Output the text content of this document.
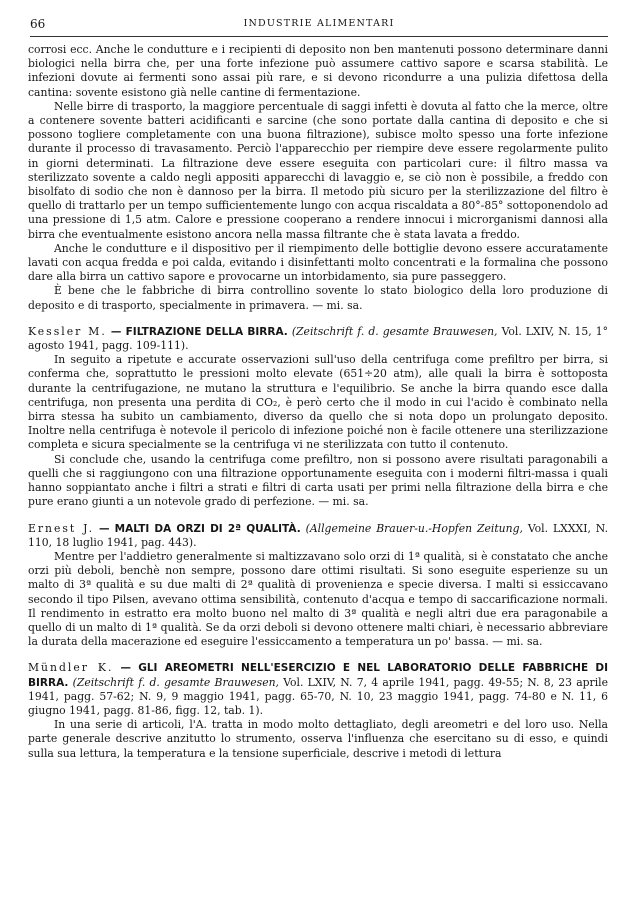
66	INDUSTRIE ALIMENTARI

corrosi ecc. Anche le condutture e i recipienti di deposito non ben mantenuti possono determinare danni biologici nella birra che, per una forte infezione può assumere cattivo sapore e scarsa stabilità. Le infezioni dovute ai fermenti sono assai più rare, e si devono ricondurre a una pulizia difettosa della cantina: sovente esistono già nelle cantine di fermentazione.

Nelle birre di trasporto, la maggiore percentuale di saggi infetti è dovuta al fatto che la merce, oltre a contenere sovente batteri acidificanti e sarcine (che sono portate dalla cantina di deposito e che si possono togliere completamente con una buona filtrazione), subisce molto spesso una forte infezione durante il processo di travasamento. Perciò l'apparecchio per riempire deve essere regolarmente pulito in giorni determinati. La filtrazione deve essere eseguita con particolari cure: il filtro massa va sterilizzato sovente a caldo negli appositi apparecchi di lavaggio e, se ciò non è possibile, a freddo con bisolfato di sodio che non è dannoso per la birra. Il metodo più sicuro per la sterilizzazione del filtro è quello di trattarlo per un tempo sufficientemente lungo con acqua riscaldata a 80°-85° sottoponendolo ad una pressione di 1,5 atm. Calore e pressione cooperano a rendere innocui i microrganismi dannosi alla birra che eventualmente esistono ancora nella massa filtrante che è stata lavata a freddo.

Anche le condutture e il dispositivo per il riempimento delle bottiglie devono essere accuratamente lavati con acqua fredda e poi calda, evitando i disinfettanti molto concentrati e la formalina che possono dare alla birra un cattivo sapore e provocarne un intorbidamento, sia pure passeggero.

È bene che le fabbriche di birra controllino sovente lo stato biologico della loro produzione di deposito e di trasporto, specialmente in primavera. — mi. sa.

Kessler M. — FILTRAZIONE DELLA BIRRA. (Zeitschrift f. d. gesamte Brauwesen, Vol. LXIV, N. 15, 1° agosto 1941, pagg. 109-111).

In seguito a ripetute e accurate osservazioni sull'uso della centrifuga come prefiltro per birra, si conferma che, soprattutto le pressioni molto elevate (651÷20 atm), alle quali la birra è sottoposta durante la centrifugazione, ne mutano la struttura e l'equilibrio. Se anche la birra quando esce dalla centrifuga, non presenta una perdita di CO₂, è però certo che il modo in cui l'acido è combinato nella birra stessa ha subito un cambiamento, diverso da quello che si nota dopo un prolungato deposito. Inoltre nella centrifuga è notevole il pericolo di infezione poiché non è facile ottenere una sterilizzazione completa e sicura specialmente se la centrifuga vi ne sterilizzata con tutto il contenuto.

Si conclude che, usando la centrifuga come prefiltro, non si possono avere risultati paragonabili a quelli che si raggiungono con una filtrazione opportunamente eseguita con i moderni filtri-massa i quali hanno soppiantato anche i filtri a strati e filtri di carta usati per primi nella filtrazione della birra e che pure erano giunti a un notevole grado di perfezione. — mi. sa.

Ernest J. — MALTI DA ORZI DI 2ª QUALITÀ. (Allgemeine Brauer-u.-Hopfen Zeitung, Vol. LXXXI, N. 110, 18 luglio 1941, pag. 443).

Mentre per l'addietro generalmente si maltizzavano solo orzi di 1ª qualità, si è constatato che anche orzi più deboli, benchè non sempre, possono dare ottimi risultati. Si sono eseguite esperienze su un malto di 3ª qualità e su due malti di 2ª qualità di provenienza e specie diversa. I malti si essiccavano secondo il tipo Pilsen, avevano ottima sensibilità, contenuto d'acqua e tempo di saccarificazione normali. Il rendimento in estratto era molto buono nel malto di 3ª qualità e negli altri due era paragonabile a quello di un malto di 1ª qualità. Se da orzi deboli si devono ottenere malti chiari, è necessario abbreviare la durata della macerazione ed eseguire l'essiccamento a temperatura un po' bassa. — mi. sa.

Mündler K. — GLI AREOMETRI NELL'ESERCIZIO E NEL LABORATORIO DELLE FABBRICHE DI BIRRA. (Zeitschrift f. d. gesamte Brauwesen, Vol. LXIV, N. 7, 4 aprile 1941, pagg. 49-55; N. 8, 23 aprile 1941, pagg. 57-62; N. 9, 9 maggio 1941, pagg. 65-70, N. 10, 23 maggio 1941, pagg. 74-80 e N. 11, 6 giugno 1941, pagg. 81-86, figg. 12, tab. 1).

In una serie di articoli, l'A. tratta in modo molto dettagliato, degli areometri e del loro uso. Nella parte generale descrive anzitutto lo strumento, osserva l'influenza che esercitano su di esso, e quindi sulla sua lettura, la temperatura e la tensione superficiale, descrive i metodi di lettura
